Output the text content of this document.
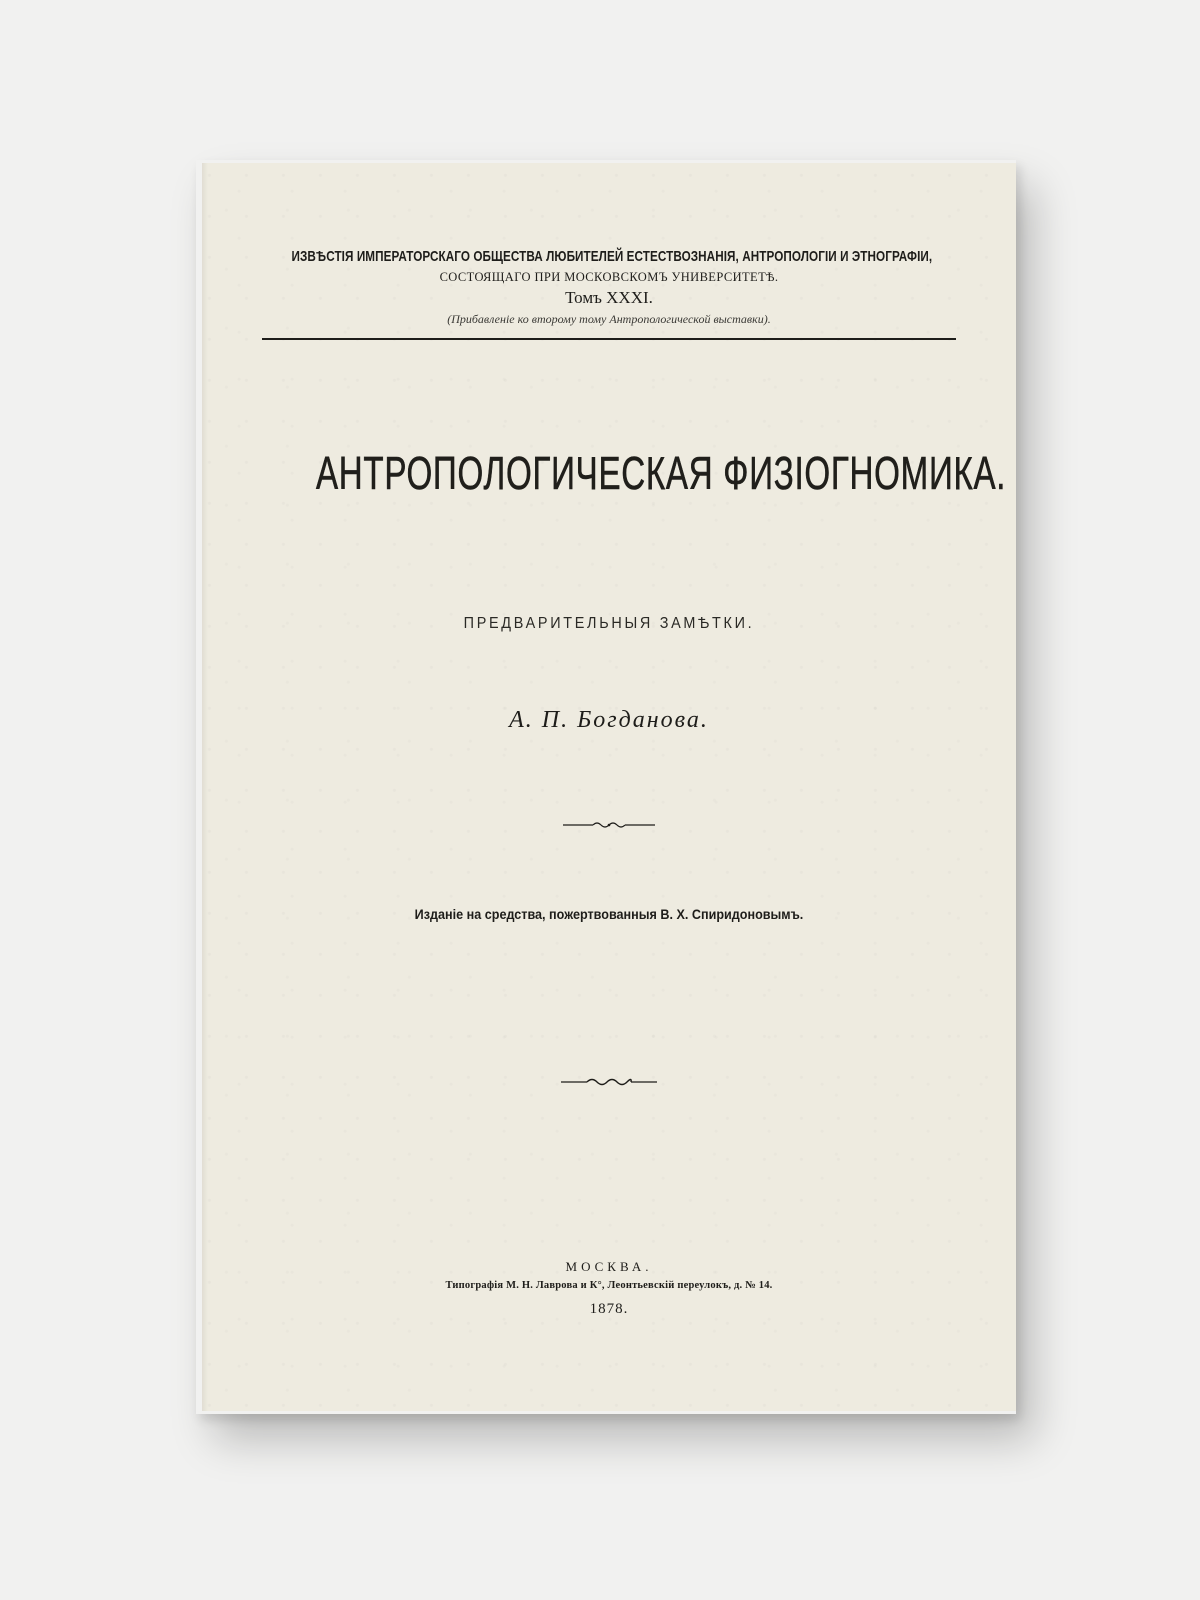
ИЗВѢСТІЯ ИМПЕРАТОРСКАГО ОБЩЕСТВА ЛЮБИТЕЛЕЙ ЕСТЕСТВОЗНАНІЯ, АНТРОПОЛОГІИ И ЭТНОГРАФІИ,
СОСТОЯЩАГО ПРИ МОСКОВСКОМЪ УНИВЕРСИТЕТѢ.
Томъ XXXI.
(Прибавленіе ко второму тому Антропологической выставки).
АНТРОПОЛОГИЧЕСКАЯ ФИЗІОГНОМИКА.
ПРЕДВАРИТЕЛЬНЫЯ ЗАМѢТКИ.
А. П. Богданова.
Изданіе на средства, пожертвованныя В. Х. Спиридоновымъ.
МОСКВА.
Типографія М. Н. Лаврова и К°, Леонтьевскій переулокъ, д. № 14.
1878.
